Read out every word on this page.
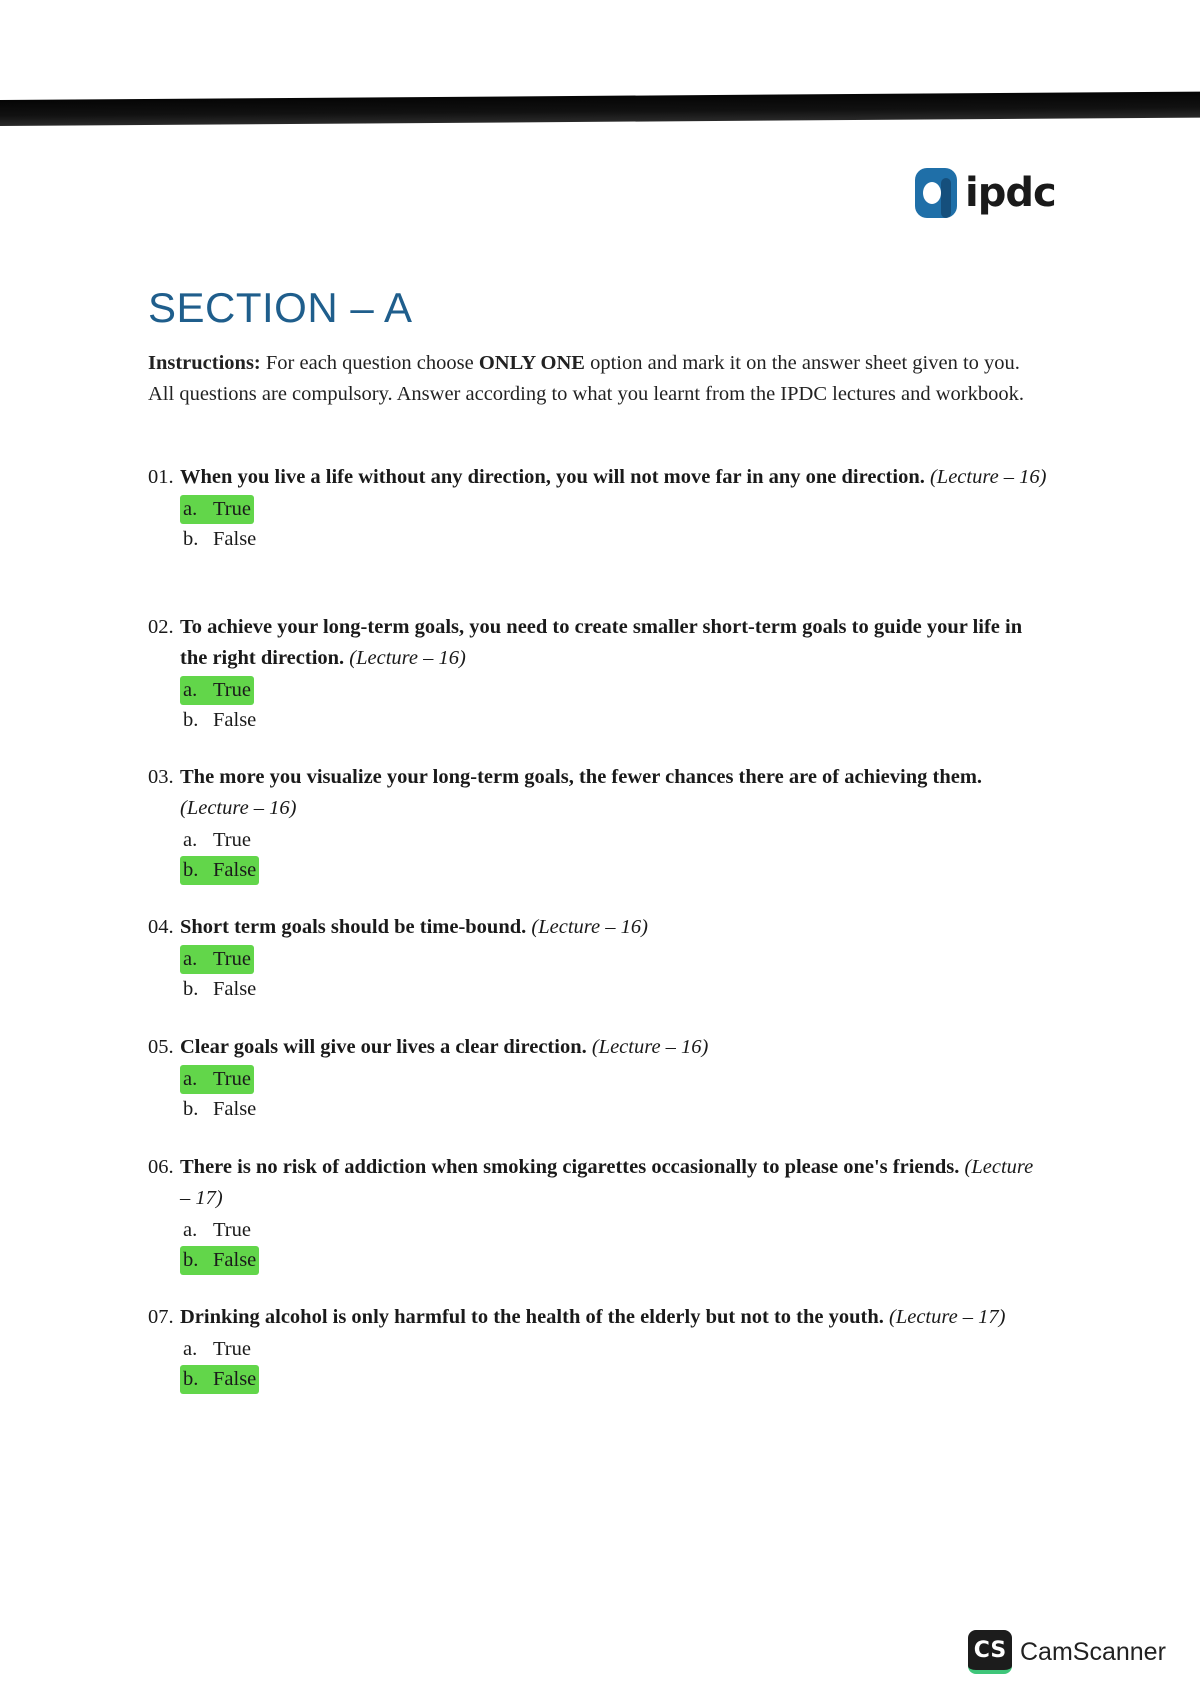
ipdc
SECTION – A
Instructions: For each question choose ONLY ONE option and mark it on the answer sheet given to you. All questions are compulsory. Answer according to what you learnt from the IPDC lectures and workbook.
01. When you live a life without any direction, you will not move far in any one direction. (Lecture – 16)
a. True
b. False
02. To achieve your long-term goals, you need to create smaller short-term goals to guide your life in the right direction. (Lecture – 16)
a. True
b. False
03. The more you visualize your long-term goals, the fewer chances there are of achieving them. (Lecture – 16)
a. True
b. False
04. Short term goals should be time-bound. (Lecture – 16)
a. True
b. False
05. Clear goals will give our lives a clear direction. (Lecture – 16)
a. True
b. False
06. There is no risk of addiction when smoking cigarettes occasionally to please one's friends. (Lecture – 17)
a. True
b. False
07. Drinking alcohol is only harmful to the health of the elderly but not to the youth. (Lecture – 17)
a. True
b. False
CS CamScanner
